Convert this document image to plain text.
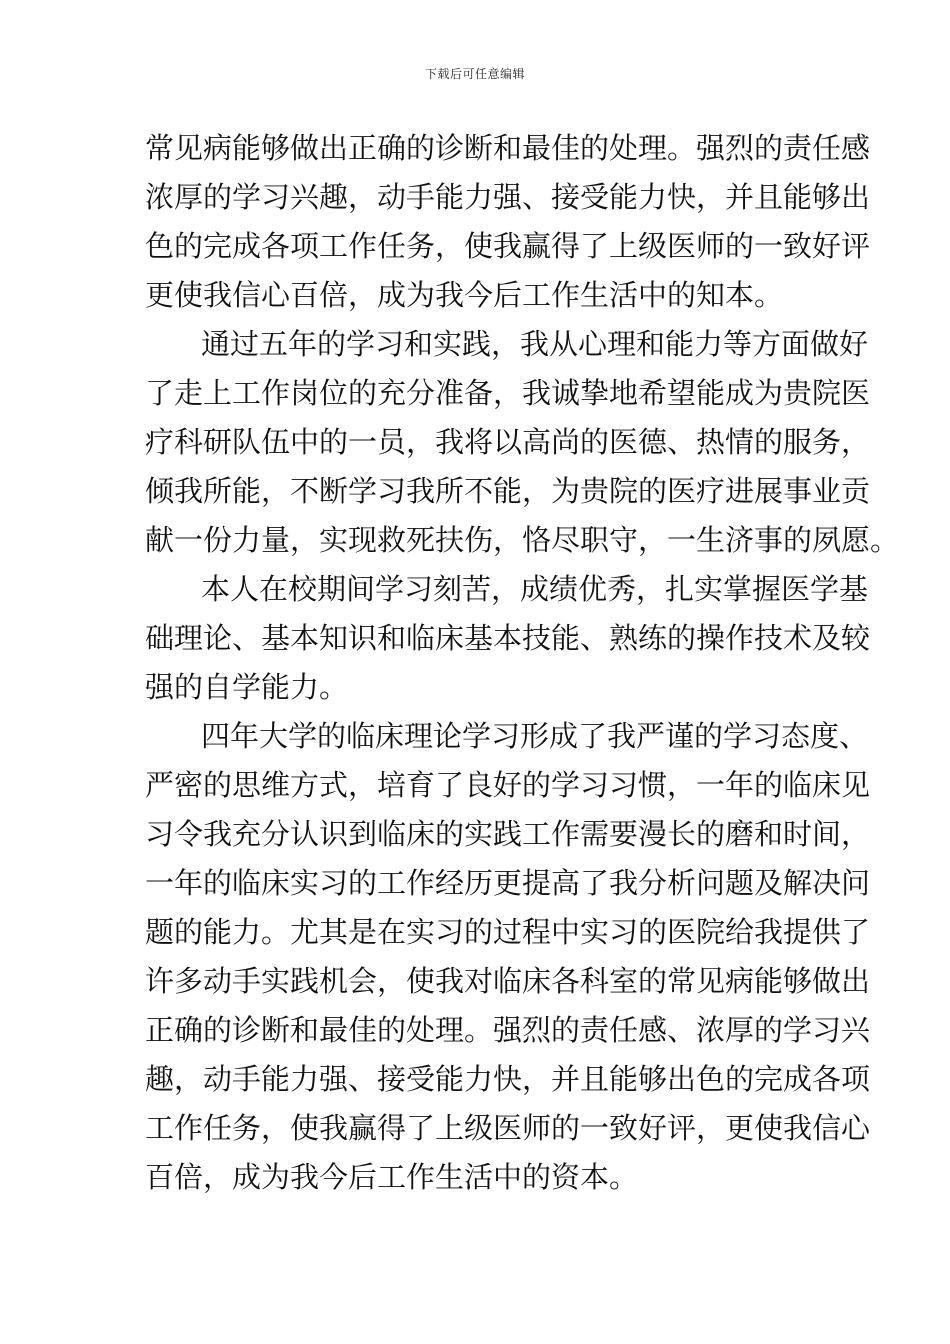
下载后可任意编辑
常见病能够做出正确的诊断和最佳的处理。强烈的责任感
浓厚的学习兴趣，动手能力强、接受能力快，并且能够出
色的完成各项工作任务，使我赢得了上级医师的一致好评
更使我信心百倍，成为我今后工作生活中的知本。
通过五年的学习和实践，我从心理和能力等方面做好
了走上工作岗位的充分准备，我诚挚地希望能成为贵院医
疗科研队伍中的一员，我将以高尚的医德、热情的服务，
倾我所能，不断学习我所不能，为贵院的医疗进展事业贡
献一份力量，实现救死扶伤，恪尽职守，一生济事的夙愿。
本人在校期间学习刻苦，成绩优秀，扎实掌握医学基
础理论、基本知识和临床基本技能、熟练的操作技术及较
强的自学能力。
四年大学的临床理论学习形成了我严谨的学习态度、
严密的思维方式，培育了良好的学习习惯，一年的临床见
习令我充分认识到临床的实践工作需要漫长的磨和时间，
一年的临床实习的工作经历更提高了我分析问题及解决问
题的能力。尤其是在实习的过程中实习的医院给我提供了
许多动手实践机会，使我对临床各科室的常见病能够做出
正确的诊断和最佳的处理。强烈的责任感、浓厚的学习兴
趣，动手能力强、接受能力快，并且能够出色的完成各项
工作任务，使我赢得了上级医师的一致好评，更使我信心
百倍，成为我今后工作生活中的资本。
